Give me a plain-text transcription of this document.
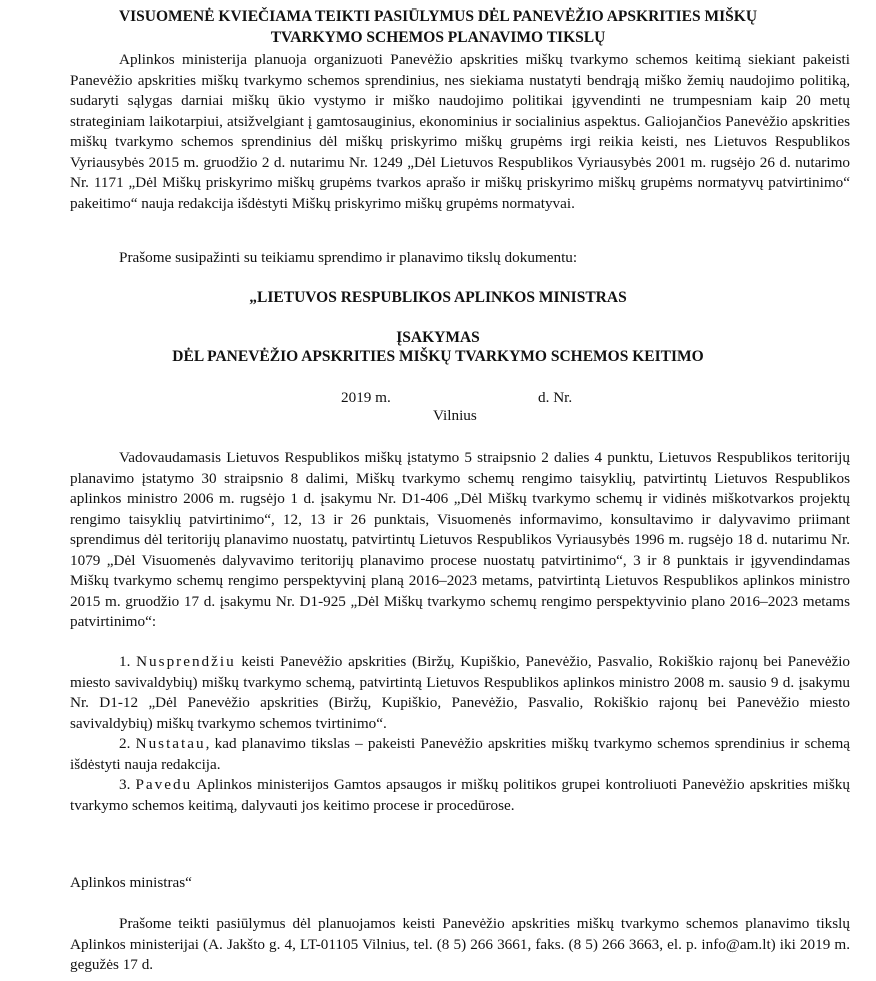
VISUOMENĖ KVIEČIAMA TEIKTI PASIŪLYMUS DĖL PANEVĖŽIO APSKRITIES MIŠKŲ
TVARKYMO SCHEMOS PLANAVIMO TIKSLŲ
Aplinkos ministerija planuoja organizuoti Panevėžio apskrities miškų tvarkymo schemos keitimą siekiant pakeisti Panevėžio apskrities miškų tvarkymo schemos sprendinius, nes siekiama nustatyti bendrąją miško žemių naudojimo politiką, sudaryti sąlygas darniai miškų ūkio vystymo ir miško naudojimo politikai įgyvendinti ne trumpesniam kaip 20 metų strateginiam laikotarpiui, atsižvelgiant į gamtosauginius, ekonominius ir socialinius aspektus. Galiojančios Panevėžio apskrities miškų tvarkymo schemos sprendinius dėl miškų priskyrimo miškų grupėms irgi reikia keisti, nes Lietuvos Respublikos Vyriausybės 2015 m. gruodžio 2 d. nutarimu Nr. 1249 „Dėl Lietuvos Respublikos Vyriausybės 2001 m. rugsėjo 26 d. nutarimo Nr. 1171 „Dėl Miškų priskyrimo miškų grupėms tvarkos aprašo ir miškų priskyrimo miškų grupėms normatyvų patvirtinimo“ pakeitimo“ nauja redakcija išdėstyti Miškų priskyrimo miškų grupėms normatyvai.
Prašome susipažinti su teikiamu sprendimo ir planavimo tikslų dokumentu:
„LIETUVOS RESPUBLIKOS APLINKOS MINISTRAS
ĮSAKYMAS
DĖL PANEVĖŽIO APSKRITIES MIŠKŲ TVARKYMO SCHEMOS KEITIMO
2019 m.	d. Nr.
Vilnius
Vadovaudamasis Lietuvos Respublikos miškų įstatymo 5 straipsnio 2 dalies 4 punktu, Lietuvos Respublikos teritorijų planavimo įstatymo 30 straipsnio 8 dalimi, Miškų tvarkymo schemų rengimo taisyklių, patvirtintų Lietuvos Respublikos aplinkos ministro 2006 m. rugsėjo 1 d. įsakymu Nr. D1-406 „Dėl Miškų tvarkymo schemų ir vidinės miškotvarkos projektų rengimo taisyklių patvirtinimo“, 12, 13 ir 26 punktais, Visuomenės informavimo, konsultavimo ir dalyvavimo priimant sprendimus dėl teritorijų planavimo nuostatų, patvirtintų Lietuvos Respublikos Vyriausybės 1996 m. rugsėjo 18 d. nutarimu Nr. 1079 „Dėl Visuomenės dalyvavimo teritorijų planavimo procese nuostatų patvirtinimo“, 3 ir 8 punktais ir įgyvendindamas Miškų tvarkymo schemų rengimo perspektyvinį planą 2016–2023 metams, patvirtintą Lietuvos Respublikos aplinkos ministro 2015 m. gruodžio 17 d. įsakymu Nr. D1-925 „Dėl Miškų tvarkymo schemų rengimo perspektyvinio plano 2016–2023 metams patvirtinimo“:
1. Nusprendžiu keisti Panevėžio apskrities (Biržų, Kupiškio, Panevėžio, Pasvalio, Rokiškio rajonų bei Panevėžio miesto savivaldybių) miškų tvarkymo schemą, patvirtintą Lietuvos Respublikos aplinkos ministro 2008 m. sausio 9 d. įsakymu Nr. D1-12 „Dėl Panevėžio apskrities (Biržų, Kupiškio, Panevėžio, Pasvalio, Rokiškio rajonų bei Panevėžio miesto savivaldybių) miškų tvarkymo schemos tvirtinimo“.
2. Nustatau, kad planavimo tikslas – pakeisti Panevėžio apskrities miškų tvarkymo schemos sprendinius ir schemą išdėstyti nauja redakcija.
3. Pavedu Aplinkos ministerijos Gamtos apsaugos ir miškų politikos grupei kontroliuoti Panevėžio apskrities miškų tvarkymo schemos keitimą, dalyvauti jos keitimo procese ir procedūrose.
Aplinkos ministras“
Prašome teikti pasiūlymus dėl planuojamos keisti Panevėžio apskrities miškų tvarkymo schemos planavimo tikslų Aplinkos ministerijai (A. Jakšto g. 4, LT-01105 Vilnius, tel. (8 5) 266 3661, faks. (8 5) 266 3663, el. p. info@am.lt) iki 2019 m. gegužės 17 d.
